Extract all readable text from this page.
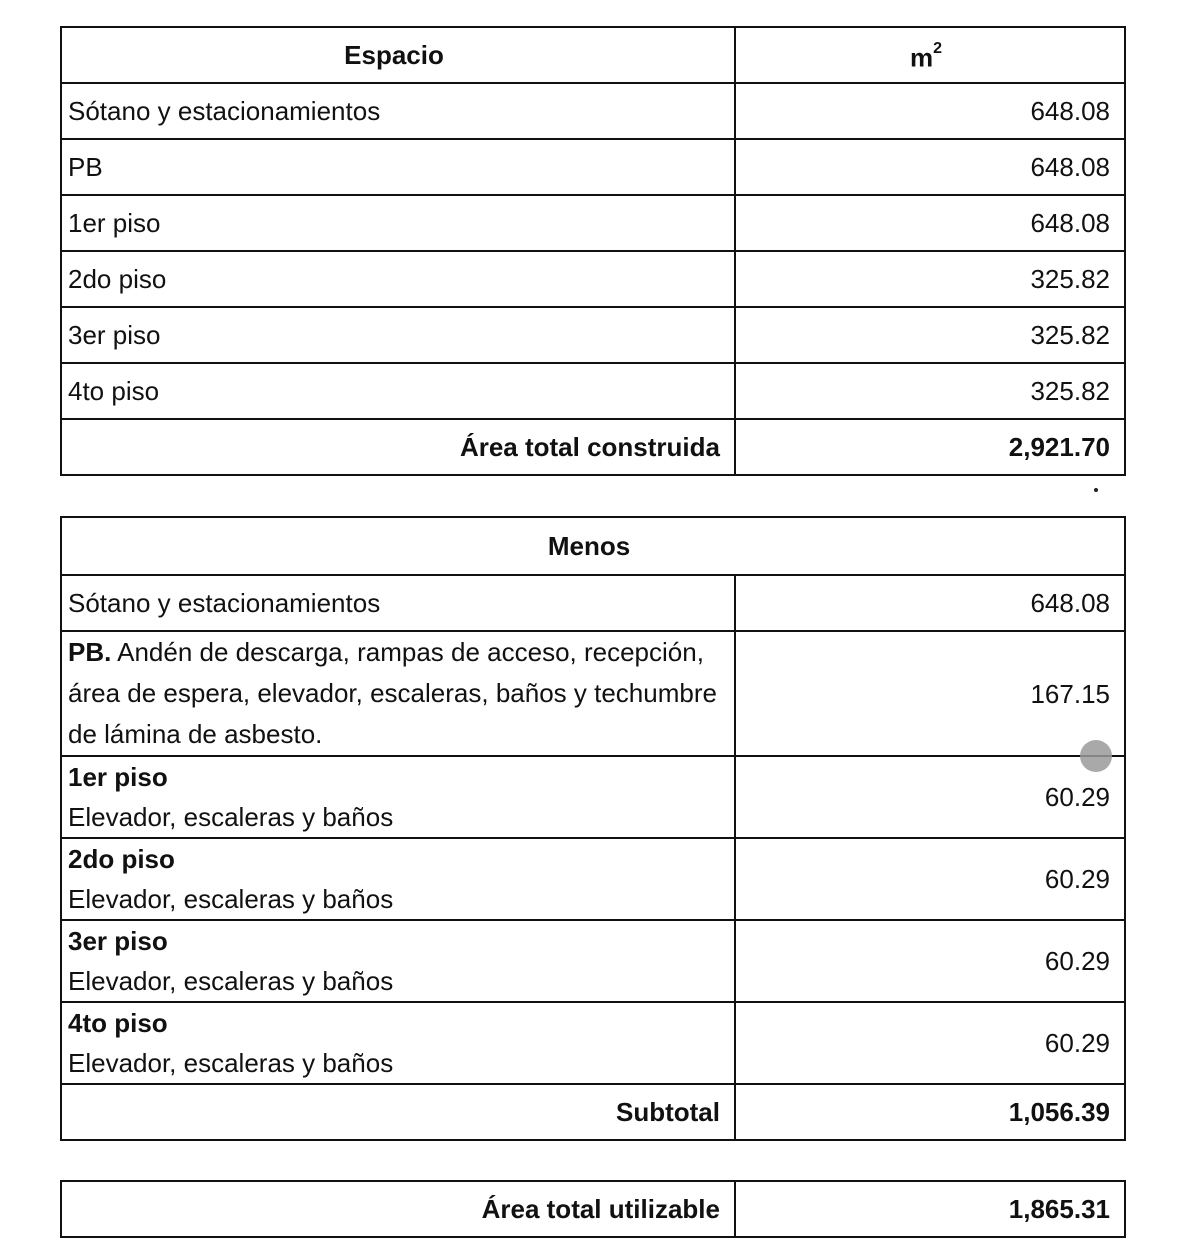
Espacio	$m^2$
Sótano y estacionamientos	648.08
PB	648.08
1er piso	648.08
2do piso	325.82
3er piso	325.82
4to piso	325.82
Área total construida	2,921.70
Menos	
Sótano y estacionamientos	648.08
PB. Andén de descarga, rampas de acceso, recepción, área de espera, elevador, escaleras, baños y techumbre de lámina de asbesto.	167.15

1er piso
Elevador, escaleras y baños	60.29

2do piso
Elevador, escaleras y baños	60.29

3er piso
Elevador, escaleras y baños	60.29

4to piso
Elevador, escaleras y baños	60.29
Subtotal	1,056.39
Área total utilizable	1,865.31
